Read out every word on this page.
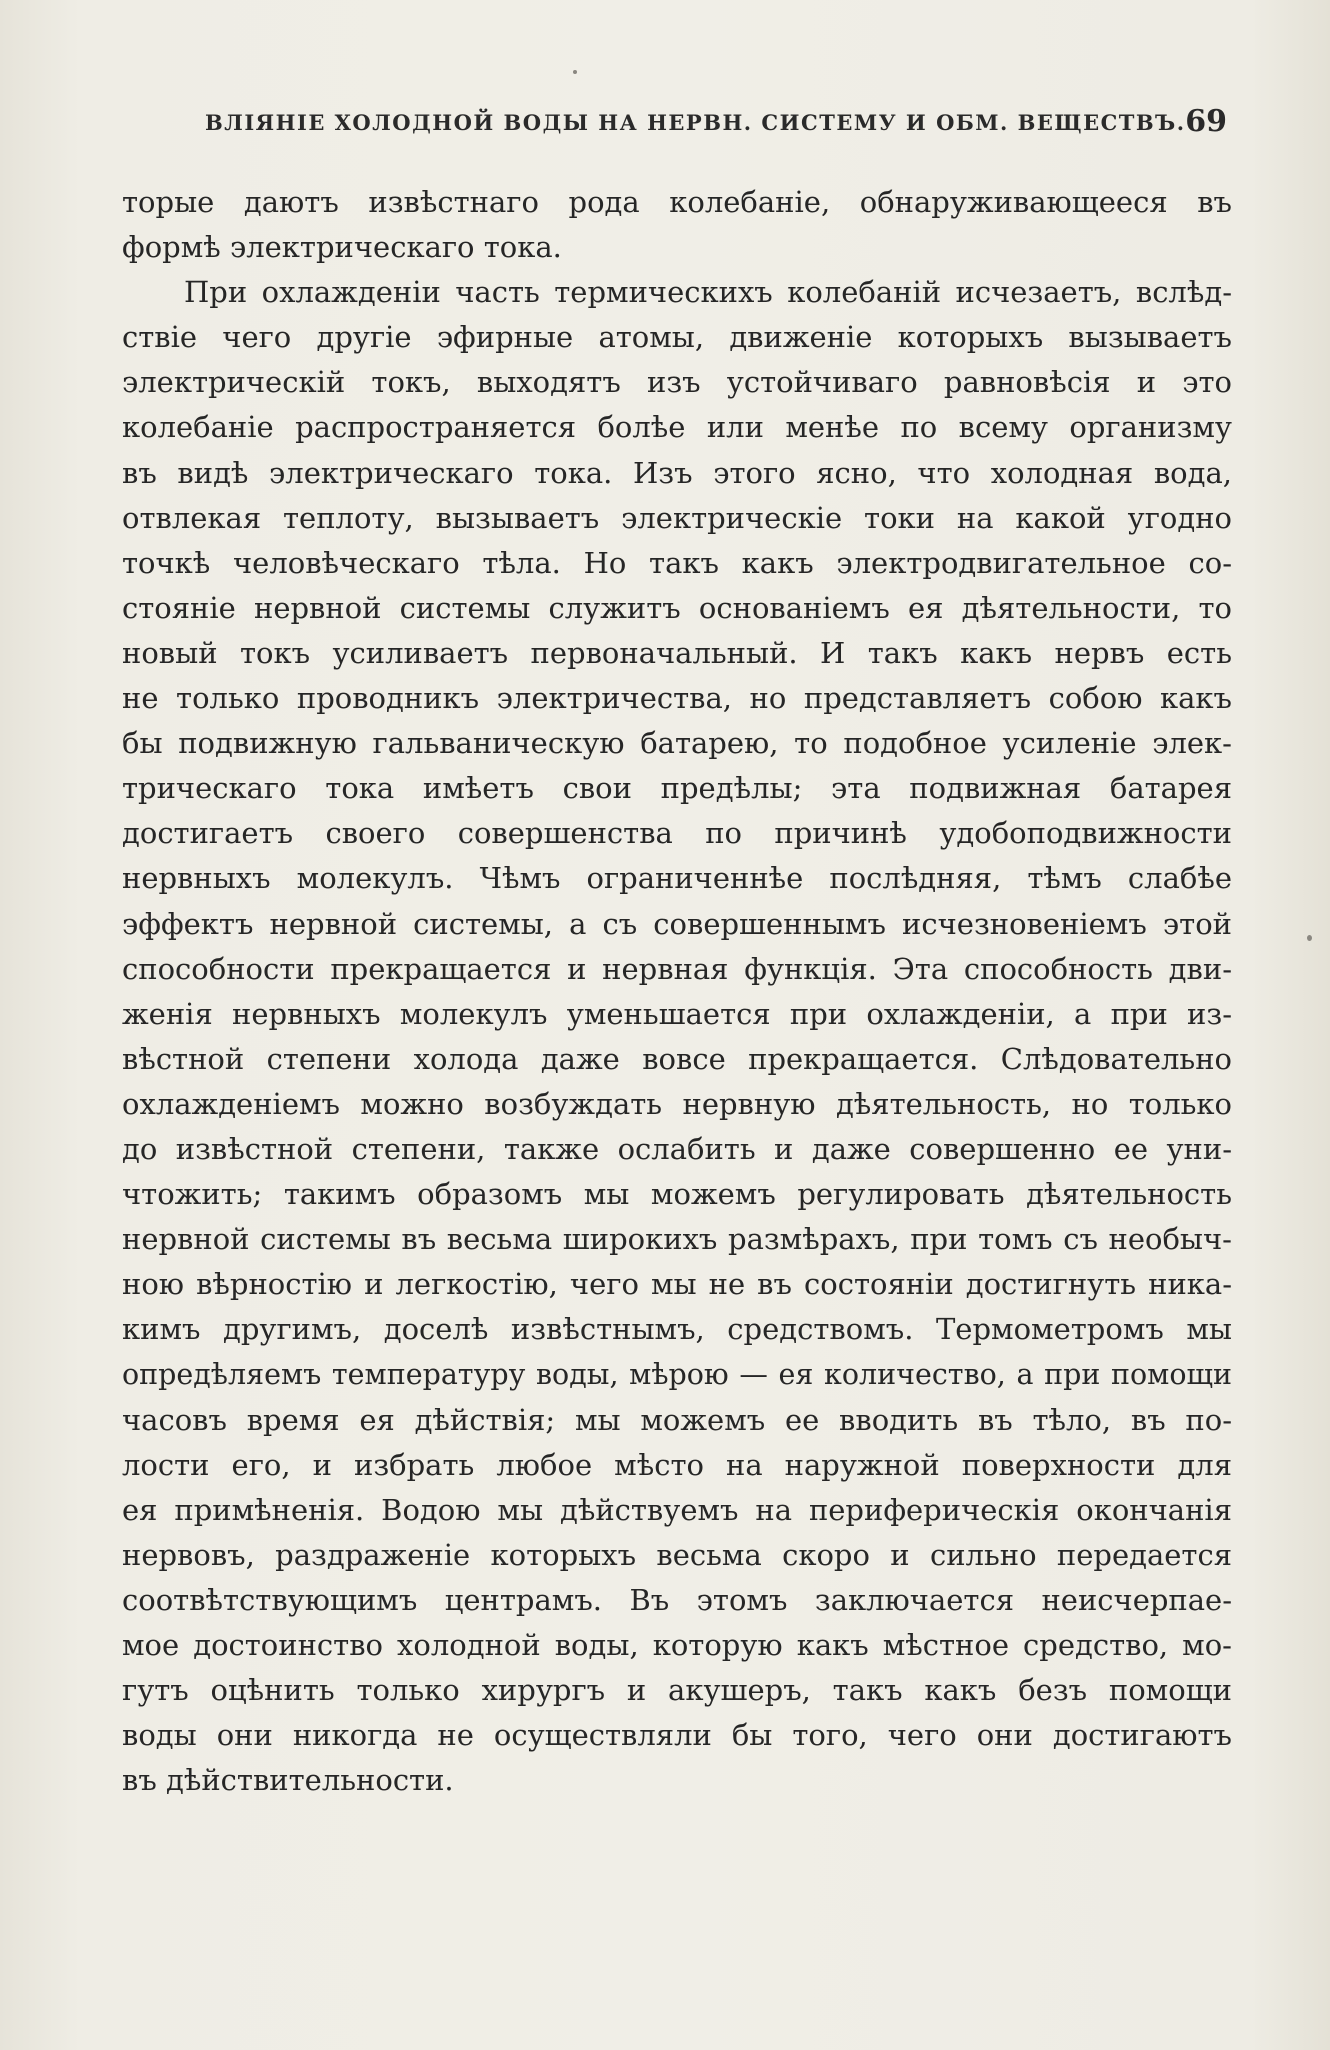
ВЛІЯНІЕ ХОЛОДНОЙ ВОДЫ НА НЕРВН. СИСТЕМУ И ОБМ. ВЕЩЕСТВЪ. 69
торые даютъ извѣстнаго рода колебаніе, обнаруживающееся въ
формѣ электрическаго тока.
При охлажденіи часть термическихъ колебаній исчезаетъ, вслѣд-
ствіе чего другіе эфирные атомы, движеніе которыхъ вызываетъ
электрическій токъ, выходятъ изъ устойчиваго равновѣсія и это
колебаніе распространяется болѣе или менѣе по всему организму
въ видѣ электрическаго тока. Изъ этого ясно, что холодная вода,
отвлекая теплоту, вызываетъ электрическіе токи на какой угодно
точкѣ человѣческаго тѣла. Но такъ какъ электродвигательное со-
стояніе нервной системы служитъ основаніемъ ея дѣятельности, то
новый токъ усиливаетъ первоначальный. И такъ какъ нервъ есть
не только проводникъ электричества, но представляетъ собою какъ
бы подвижную гальваническую батарею, то подобное усиленіе элек-
трическаго тока имѣетъ свои предѣлы; эта подвижная батарея
достигаетъ своего совершенства по причинѣ удобоподвижности
нервныхъ молекулъ. Чѣмъ ограниченнѣе послѣдняя, тѣмъ слабѣе
эффектъ нервной системы, а съ совершеннымъ исчезновеніемъ этой
способности прекращается и нервная функція. Эта способность дви-
женія нервныхъ молекулъ уменьшается при охлажденіи, а при из-
вѣстной степени холода даже вовсе прекращается. Слѣдовательно
охлажденіемъ можно возбуждать нервную дѣятельность, но только
до извѣстной степени, также ослабить и даже совершенно ее уни-
чтожить; такимъ образомъ мы можемъ регулировать дѣятельность
нервной системы въ весьма широкихъ размѣрахъ, при томъ съ необыч-
ною вѣрностію и легкостію, чего мы не въ состояніи достигнуть ника-
кимъ другимъ, доселѣ извѣстнымъ, средствомъ. Термометромъ мы
опредѣляемъ температуру воды, мѣрою — ея количество, а при помощи
часовъ время ея дѣйствія; мы можемъ ее вводить въ тѣло, въ по-
лости его, и избрать любое мѣсто на наружной поверхности для
ея примѣненія. Водою мы дѣйствуемъ на периферическія окончанія
нервовъ, раздраженіе которыхъ весьма скоро и сильно передается
соотвѣтствующимъ центрамъ. Въ этомъ заключается неисчерпае-
мое достоинство холодной воды, которую какъ мѣстное средство, мо-
гутъ оцѣнить только хирургъ и акушеръ, такъ какъ безъ помощи
воды они никогда не осуществляли бы того, чего они достигаютъ
въ дѣйствительности.
